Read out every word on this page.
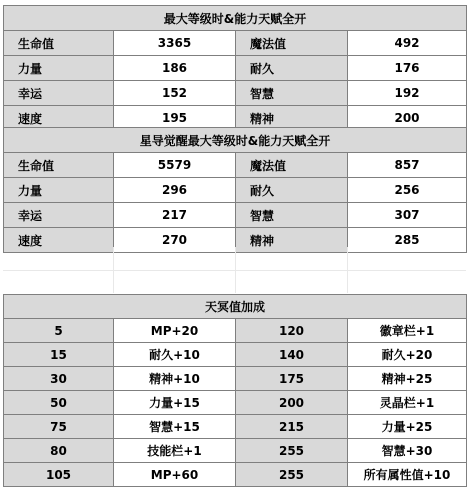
最大等级时&能力天赋全开			
生命值	3365	魔法值	492
力量	186	耐久	176
幸运	152	智慧	192
速度	195	精神	200
星导觉醒最大等级时&能力天赋全开			
生命值	5579	魔法值	857
力量	296	耐久	256
幸运	217	智慧	307
速度	270	精神	285
天冥值加成			
5	MP+20	120	徽章栏+1
15	耐久+10	140	耐久+20
30	精神+10	175	精神+25
50	力量+15	200	灵晶栏+1
75	智慧+15	215	力量+25
80	技能栏+1	255	智慧+30
105	MP+60	255	所有属性值+10
